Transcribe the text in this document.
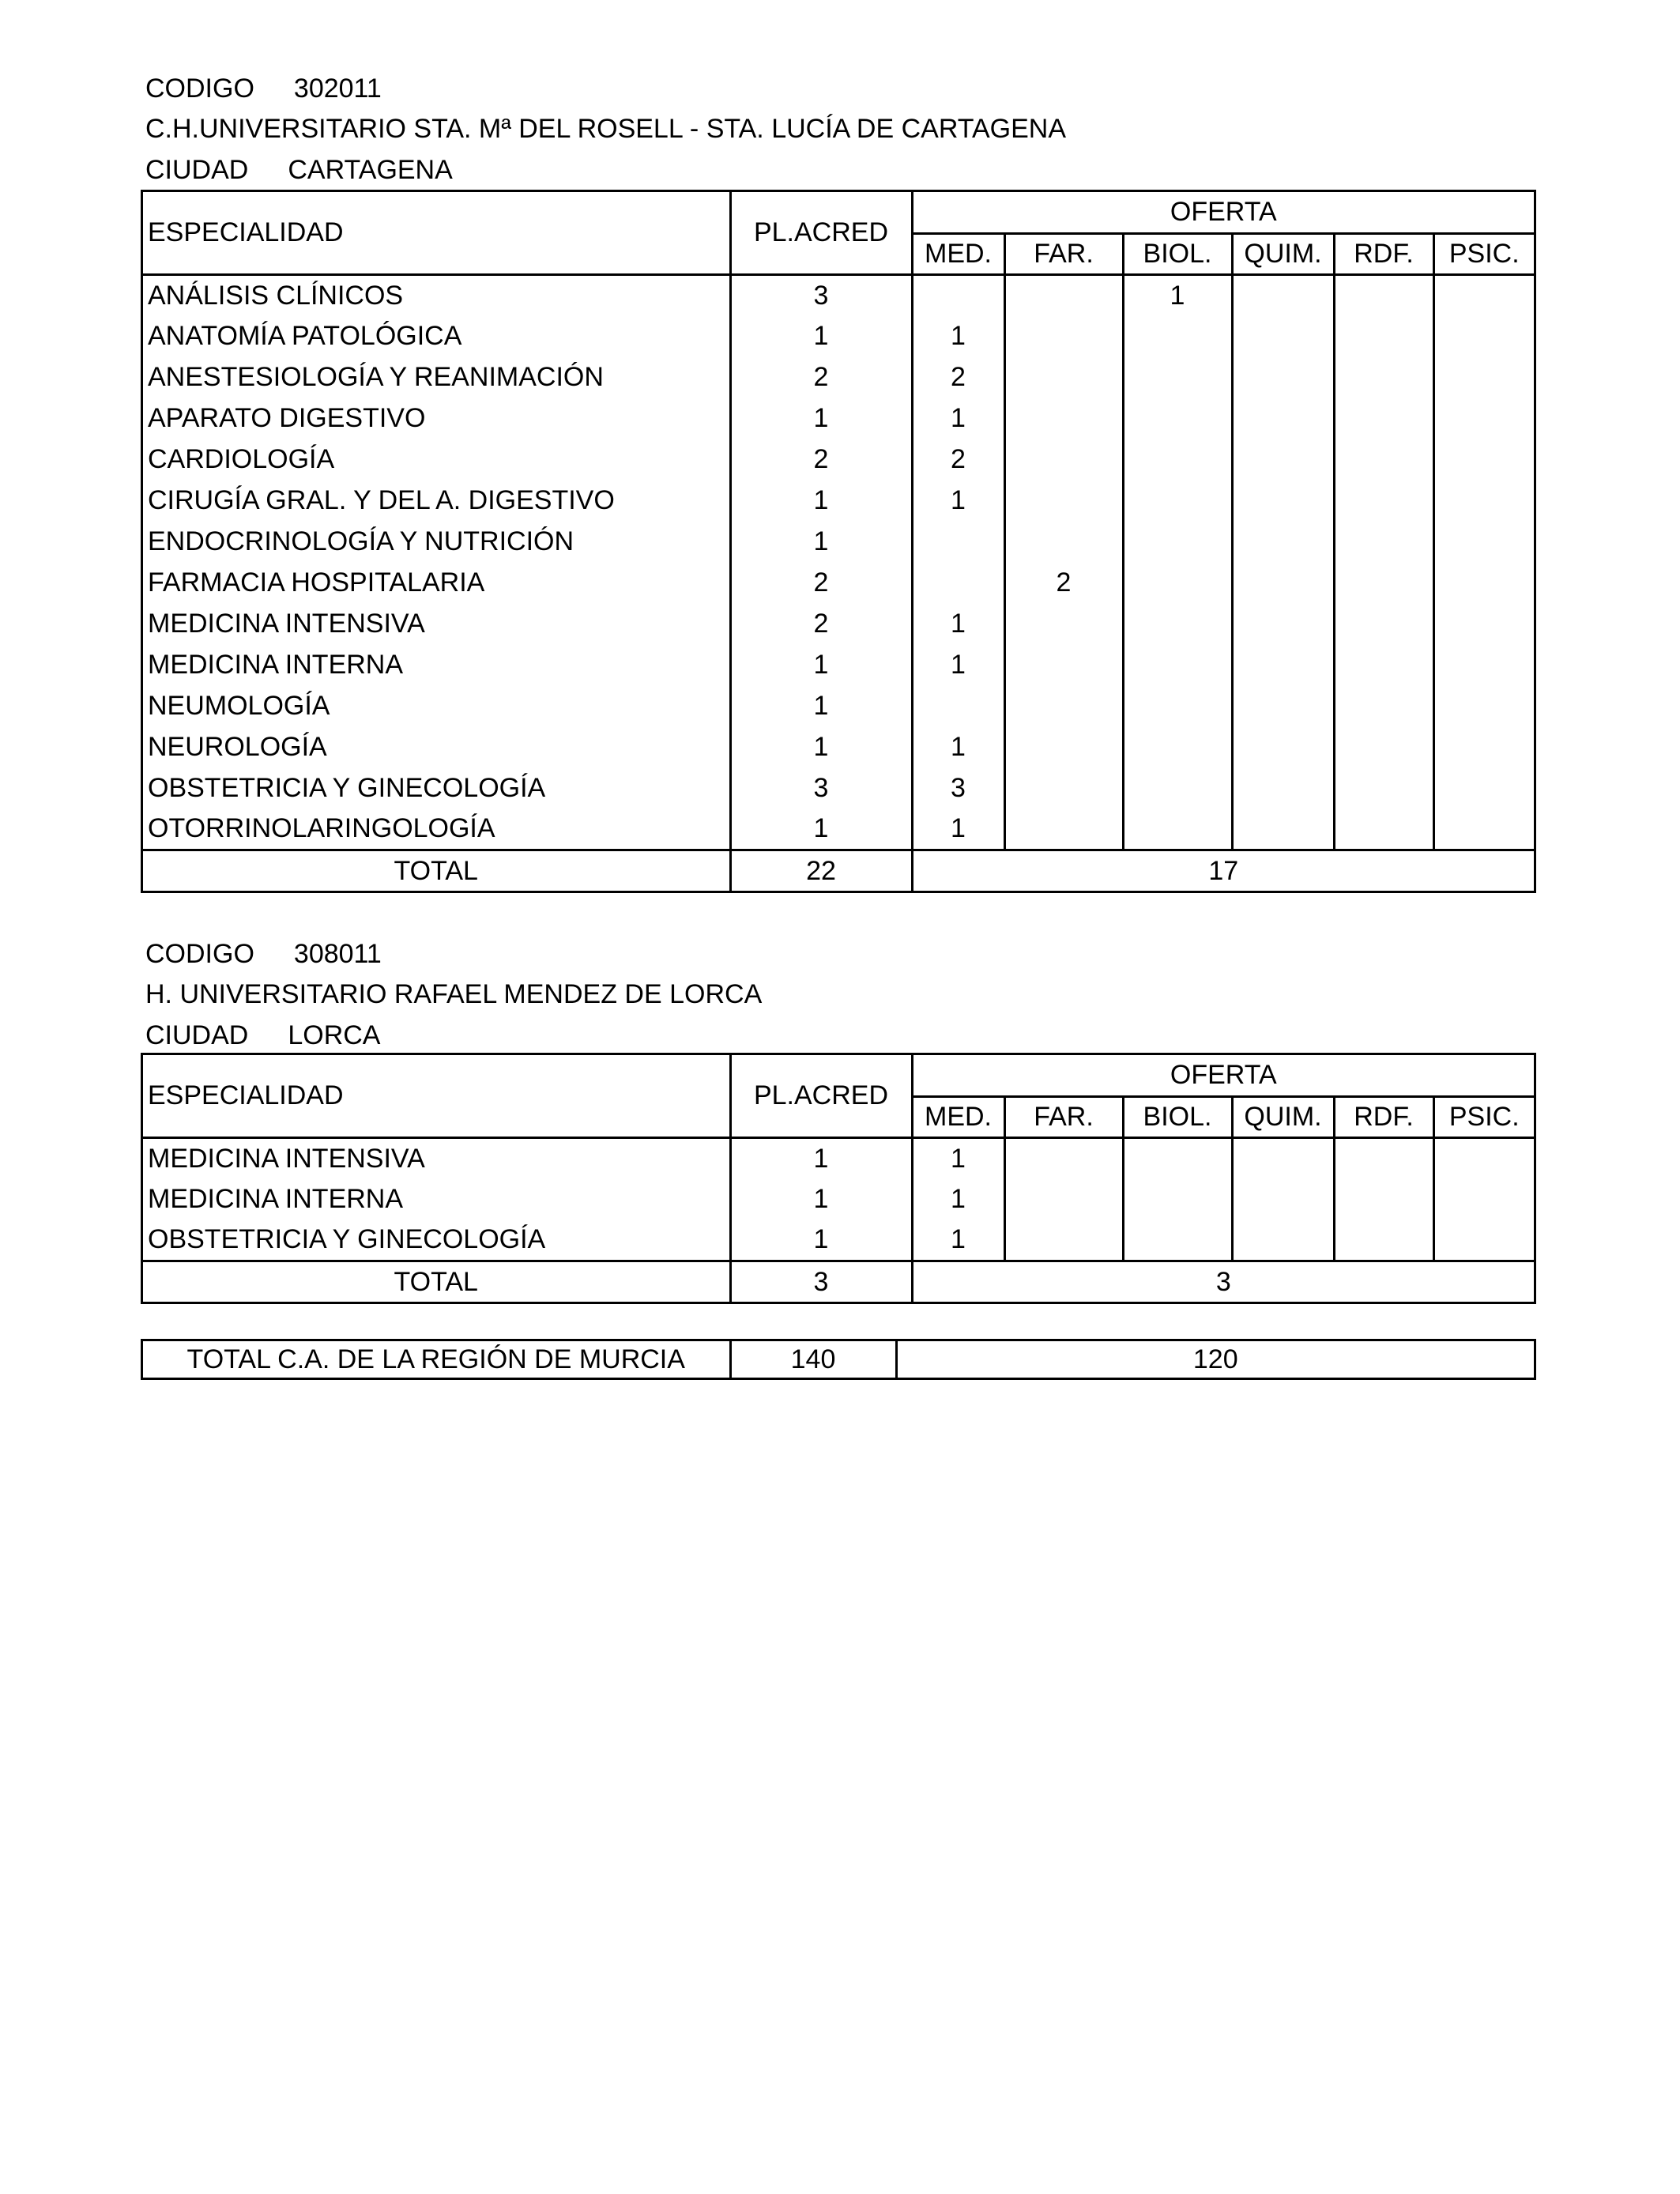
CODIGO 302011
C.H.UNIVERSITARIO STA. Mª DEL ROSELL - STA. LUCÍA DE CARTAGENA
CIUDAD CARTAGENA
ESPECIALIDAD	PL.ACRED	OFERTA					
		MED.	FAR.	BIOL.	QUIM.	RDF.	PSIC.
ANÁLISIS CLÍNICOS	3			1			
ANATOMÍA PATOLÓGICA	1	1					
ANESTESIOLOGÍA Y REANIMACIÓN	2	2					
APARATO DIGESTIVO	1	1					
CARDIOLOGÍA	2	2					
CIRUGÍA GRAL. Y DEL A. DIGESTIVO	1	1					
ENDOCRINOLOGÍA Y NUTRICIÓN	1						
FARMACIA HOSPITALARIA	2		2				
MEDICINA INTENSIVA	2	1					
MEDICINA INTERNA	1	1					
NEUMOLOGÍA	1						
NEUROLOGÍA	1	1					
OBSTETRICIA Y GINECOLOGÍA	3	3					
OTORRINOLARINGOLOGÍA	1	1					
TOTAL	22	17					
CODIGO 308011
H. UNIVERSITARIO RAFAEL MENDEZ DE LORCA
CIUDAD LORCA
ESPECIALIDAD	PL.ACRED	OFERTA					
		MED.	FAR.	BIOL.	QUIM.	RDF.	PSIC.
MEDICINA INTENSIVA	1	1					
MEDICINA INTERNA	1	1					
OBSTETRICIA Y GINECOLOGÍA	1	1					
TOTAL	3	3					
TOTAL C.A. DE LA REGIÓN DE MURCIA	140	120
